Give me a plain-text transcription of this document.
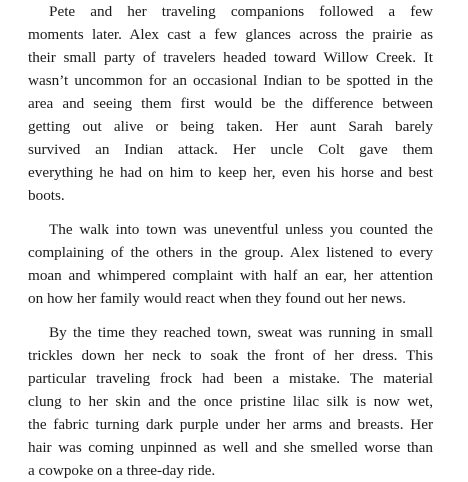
Pete and her traveling companions followed a few
moments later. Alex cast a few glances across the prairie as
their small party of travelers headed toward Willow Creek. It
wasn’t uncommon for an occasional Indian to be spotted in the
area and seeing them first would be the difference between
getting out alive or being taken. Her aunt Sarah barely
survived an Indian attack. Her uncle Colt gave them
everything he had on him to keep her, even his horse and best
boots.
The walk into town was uneventful unless you counted the
complaining of the others in the group. Alex listened to every
moan and whimpered complaint with half an ear, her attention
on how her family would react when they found out her news.
By the time they reached town, sweat was running in small
trickles down her neck to soak the front of her dress. This
particular traveling frock had been a mistake. The material
clung to her skin and the once pristine lilac silk is now wet,
the fabric turning dark purple under her arms and breasts. Her
hair was coming unpinned as well and she smelled worse than
a cowpoke on a three-day ride.
